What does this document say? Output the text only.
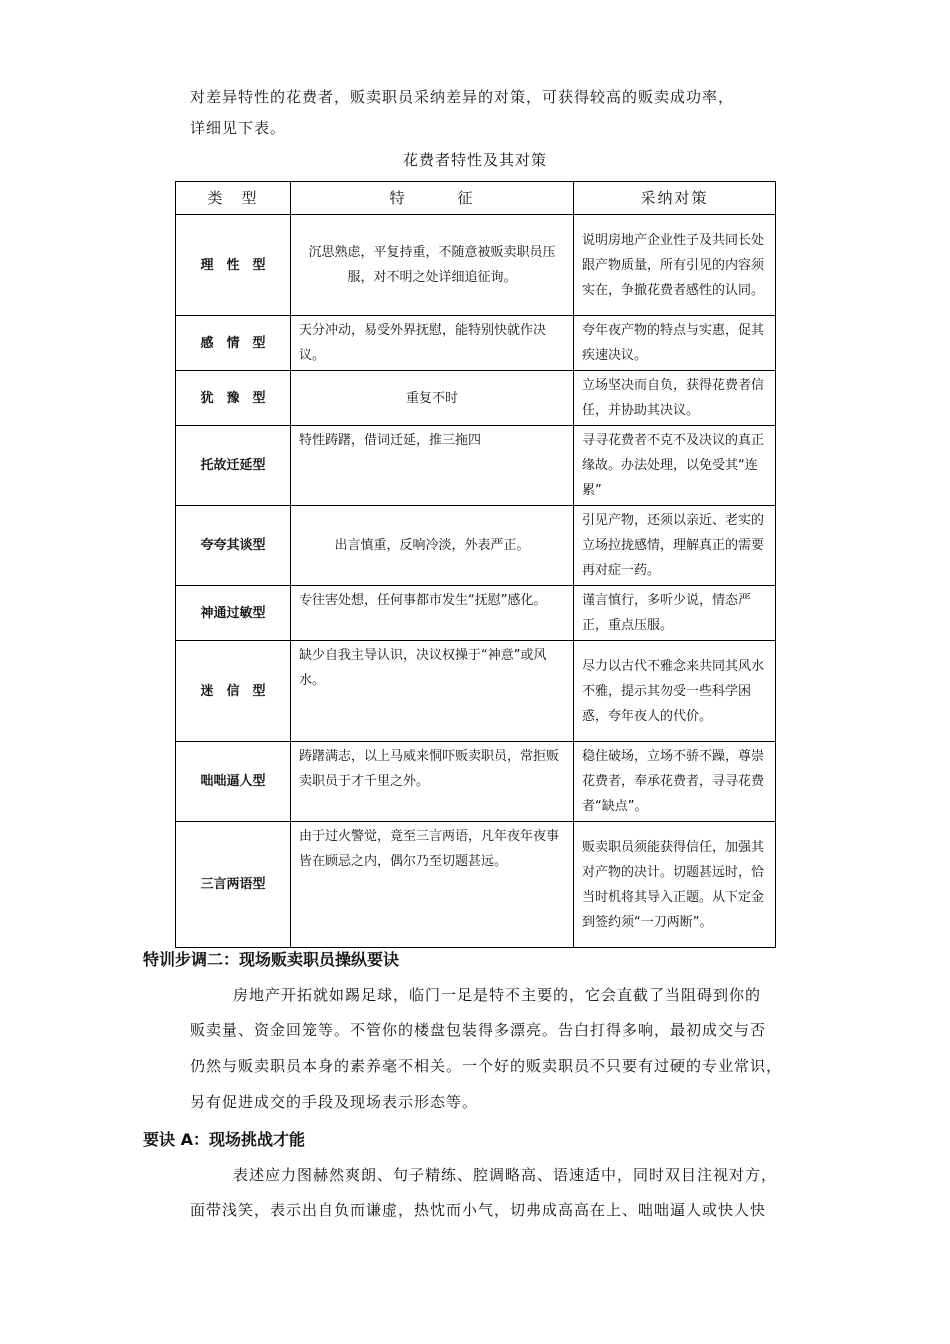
对差异特性的花费者，贩卖职员采纳差异的对策，可获得较高的贩卖成功率，
详细见下表。
花费者特性及其对策
类　型	特　　　征	采纳对策
理　性　型	沉思熟虑，平复持重，不随意被贩卖职员压服，对不明之处详细追征询。	说明房地产企业性子及共同长处跟产物质量，所有引见的内容须实在，争撤花费者感性的认同。
感　情　型	天分冲动，易受外界抚慰，能特别快就作决议。	夸年夜产物的特点与实惠，促其疾速决议。
犹　豫　型	重复不时	立场坚决而自负，获得花费者信任，并协助其决议。
托故迁延型	特性踌躇，借词迁延，推三拖四	寻寻花费者不克不及决议的真正缘故。办法处理，以免受其“连累”
夸夸其谈型	出言慎重，反响冷淡，外表严正。	引见产物，还须以亲近、老实的立场拉拢感情，理解真正的需要再对症一药。
神通过敏型	专往害处想，任何事都市发生“抚慰”感化。	谨言慎行，多听少说，情态严正，重点压服。
迷　信　型	缺少自我主导认识，决议权操于“神意”或风水。	尽力以古代不雅念来共同其风水不雅，提示其勿受一些科学困惑，夸年夜人的代价。
咄咄逼人型	踌躇满志，以上马威来恫吓贩卖职员，常拒贩卖职员于才千里之外。	稳住破场，立场不骄不躁，尊崇花费者，奉承花费者，寻寻花费者“缺点”。
三言两语型	由于过火警觉，竟至三言两语，凡年夜年夜事皆在顾忌之内，偶尔乃至切题甚远。	贩卖职员须能获得信任，加强其对产物的决计。切题甚远时，恰当时机将其导入正题。从下定金到签约须“一刀两断”。
特训步调二：现场贩卖职员操纵要诀
房地产开拓就如踢足球，临门一足是特不主要的，它会直截了当阻碍到你的
贩卖量、资金回笼等。不管你的楼盘包装得多漂亮。告白打得多响，最初成交与否
仍然与贩卖职员本身的素养毫不相关。一个好的贩卖职员不只要有过硬的专业常识，
另有促进成交的手段及现场表示形态等。
要诀 A：现场挑战才能
表述应力图赫然爽朗、句子精练、腔调略高、语速适中，同时双目注视对方，
面带浅笑，表示出自负而谦虚，热忱而小气，切弗成高高在上、咄咄逼人或快人快
